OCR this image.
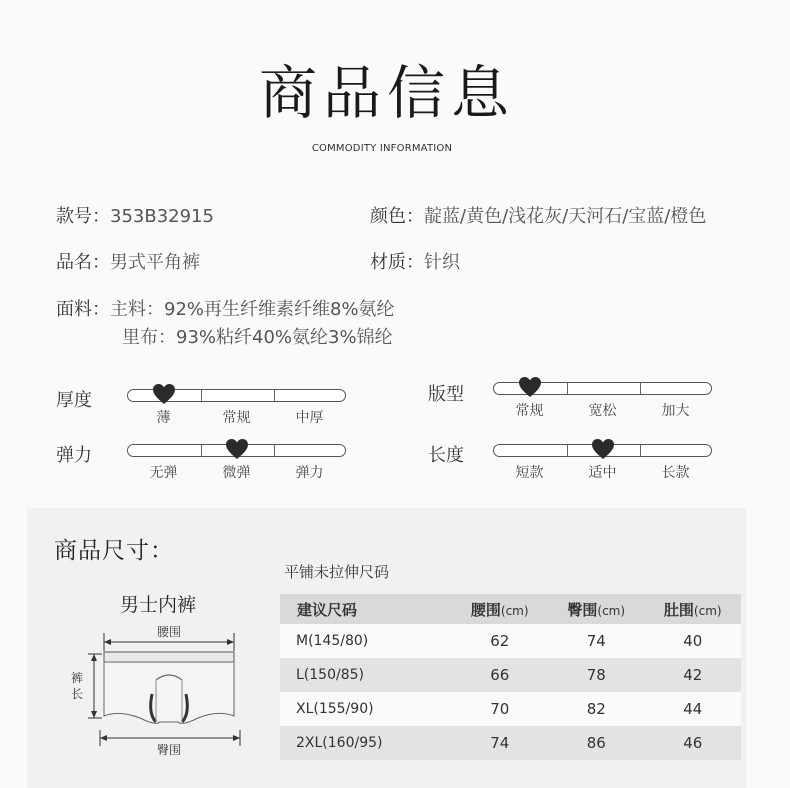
商品信息
COMMODITY INFORMATION
款号：353B32915	颜色：靛蓝/黄色/浅花灰/天河石/宝蓝/橙色
品名：男式平角裤	材质：针织
面料：主料：92%再生纤维素纤维8%氨纶
里布：93%粘纤40%氨纶3%锦纶
厚度
薄	常规	中厚
版型
常规	宽松	加大
弹力
无弹	微弹	弹力
长度
短款	适中	长款
商品尺寸：
平铺未拉伸尺码
男士内裤
腰围
裤
长
臀围
建议尺码	腰围(cm)	臀围(cm)	肚围(cm)
M(145/80)	62	74	40
L(150/85)	66	78	42
XL(155/90)	70	82	44
2XL(160/95)	74	86	46
